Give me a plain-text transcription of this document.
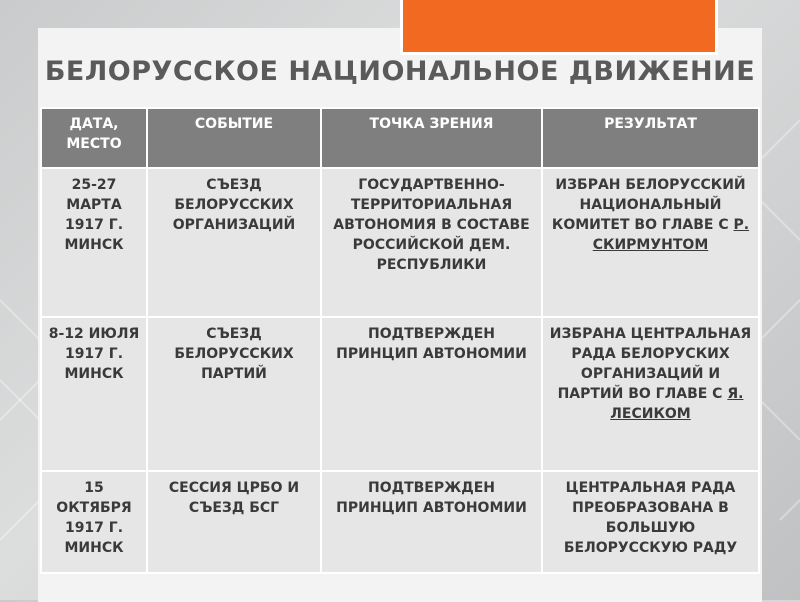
БЕЛОРУССКОЕ НАЦИОНАЛЬНОЕ ДВИЖЕНИЕ
ДАТА, МЕСТО	СОБЫТИЕ	ТОЧКА ЗРЕНИЯ	РЕЗУЛЬТАТ
25-27 МАРТА 1917 Г. МИНСК	СЪЕЗД БЕЛОРУССКИХ ОРГАНИЗАЦИЙ	ГОСУДАРТВЕННО-ТЕРРИТОРИАЛЬНАЯ АВТОНОМИЯ В СОСТАВЕ РОССИЙСКОЙ ДЕМ. РЕСПУБЛИКИ	ИЗБРАН БЕЛОРУССКИЙ НАЦИОНАЛЬНЫЙ КОМИТЕТ ВО ГЛАВЕ С Р. СКИРМУНТОМ
8-12 ИЮЛЯ 1917 Г. МИНСК	СЪЕЗД БЕЛОРУССКИХ ПАРТИЙ	ПОДТВЕРЖДЕН ПРИНЦИП АВТОНОМИИ	ИЗБРАНА ЦЕНТРАЛЬНАЯ РАДА БЕЛОРУСКИХ ОРГАНИЗАЦИЙ И ПАРТИЙ ВО ГЛАВЕ С Я. ЛЕСИКОМ
15 ОКТЯБРЯ 1917 Г. МИНСК	СЕССИЯ ЦРБО И СЪЕЗД БСГ	ПОДТВЕРЖДЕН ПРИНЦИП АВТОНОМИИ	ЦЕНТРАЛЬНАЯ РАДА ПРЕОБРАЗОВАНА В БОЛЬШУЮ БЕЛОРУССКУЮ РАДУ
